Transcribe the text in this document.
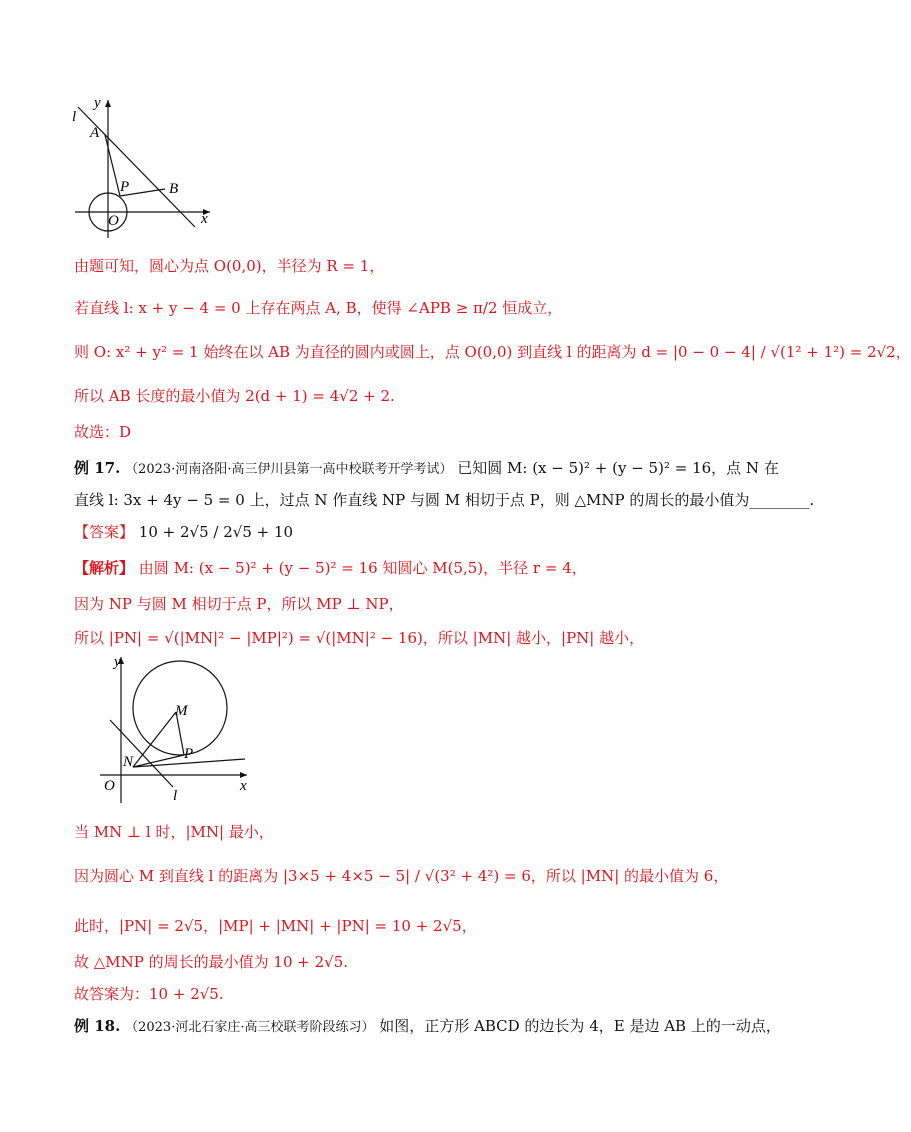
l
y
A
P	B
O	x
由题可知，圆心为点 O(0,0)，半径为 R = 1，
若直线 l: x + y − 4 = 0 上存在两点 A, B，使得 ∠APB ≥ π/2 恒成立，
则 O: x² + y² = 1 始终在以 AB 为直径的圆内或圆上，点 O(0,0) 到直线 l 的距离为 d = |0 − 0 − 4| / √(1² + 1²) = 2√2，
所以 AB 长度的最小值为 2(d + 1) = 4√2 + 2.
故选：D
例 17. （2023·河南洛阳·高三伊川县第一高中校联考开学考试） 已知圆 M: (x − 5)² + (y − 5)² = 16，点 N 在
直线 l: 3x + 4y − 5 = 0 上，过点 N 作直线 NP 与圆 M 相切于点 P，则 △MNP 的周长的最小值为________.
【答案】 10 + 2√5 / 2√5 + 10
【解析】 由圆 M: (x − 5)² + (y − 5)² = 16 知圆心 M(5,5)，半径 r = 4，
因为 NP 与圆 M 相切于点 P，所以 MP ⊥ NP，
所以 |PN| = √(|MN|² − |MP|²) = √(|MN|² − 16)，所以 |MN| 越小，|PN| 越小，
y
M
N	P
O
l
x
当 MN ⊥ l 时，|MN| 最小，
因为圆心 M 到直线 l 的距离为 |3×5 + 4×5 − 5| / √(3² + 4²) = 6，所以 |MN| 的最小值为 6，
此时，|PN| = 2√5，|MP| + |MN| + |PN| = 10 + 2√5，
故 △MNP 的周长的最小值为 10 + 2√5.
故答案为：10 + 2√5.
例 18. （2023·河北石家庄·高三校联考阶段练习） 如图，正方形 ABCD 的边长为 4，E 是边 AB 上的一动点，
